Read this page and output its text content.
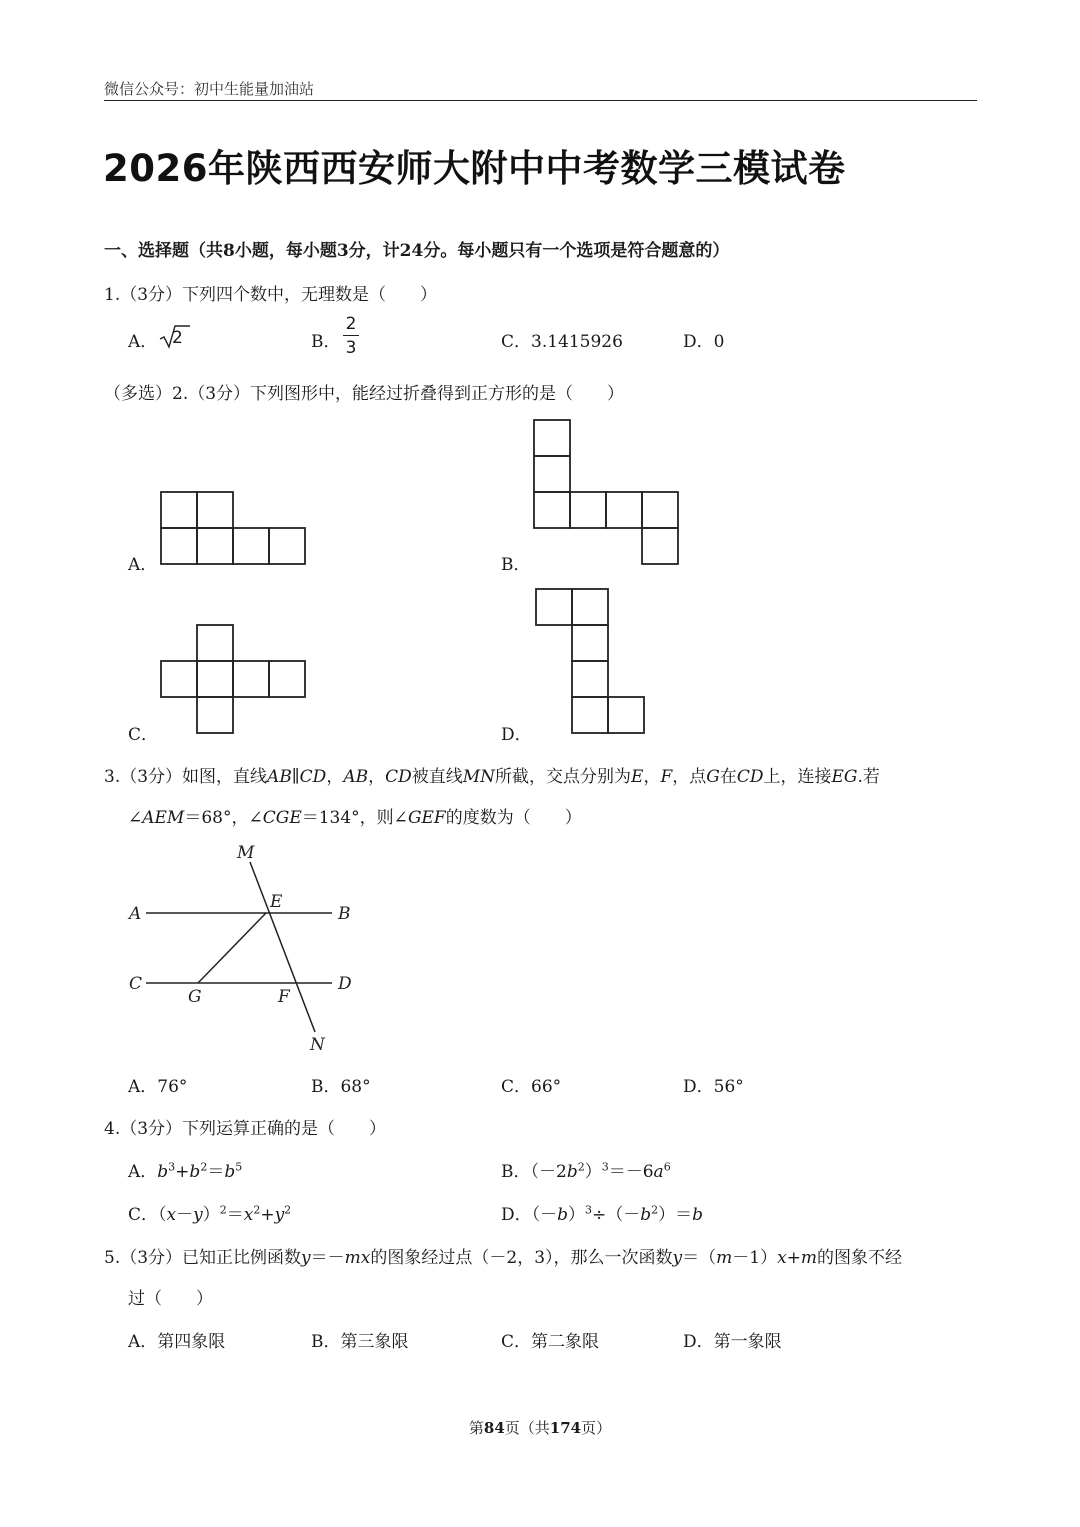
微信公众号：初中生能量加油站
2026年陕西西安师大附中中考数学三模试卷
一、选择题（共8小题，每小题3分，计24分。每小题只有一个选项是符合题意的）
1.（3分）下列四个数中，无理数是（　　）
A． 2	B．
2
3	C．3.1415926	D．0
（多选）2.（3分）下列图形中，能经过折叠得到正方形的是（　　）
A．	B．
C．	D．
3.（3分）如图，直线AB∥CD，AB，CD被直线MN所截，交点分别为E，F，点G在CD上，连接EG.若
∠AEM＝68°，∠CGE＝134°，则∠GEF的度数为（　　）
M
A
E
B
C
G	F
D
N
A．76°	B．68°	C．66°	D．56°
4.（3分）下列运算正确的是（　　）
A．$b^3+b^2=b^5$	B．$(-2b^2)^3=-6a^6$
C．$(x-y)^2=x^2+y^2$	D．$(-b)^3\div(-b^2)=b$
5.（3分）已知正比例函数y＝－mx的图象经过点（－2，3），那么一次函数y＝（m－1）x+m的图象不经
过（　　）
A．第四象限	B．第三象限	C．第二象限	D．第一象限
第84页（共174页）
